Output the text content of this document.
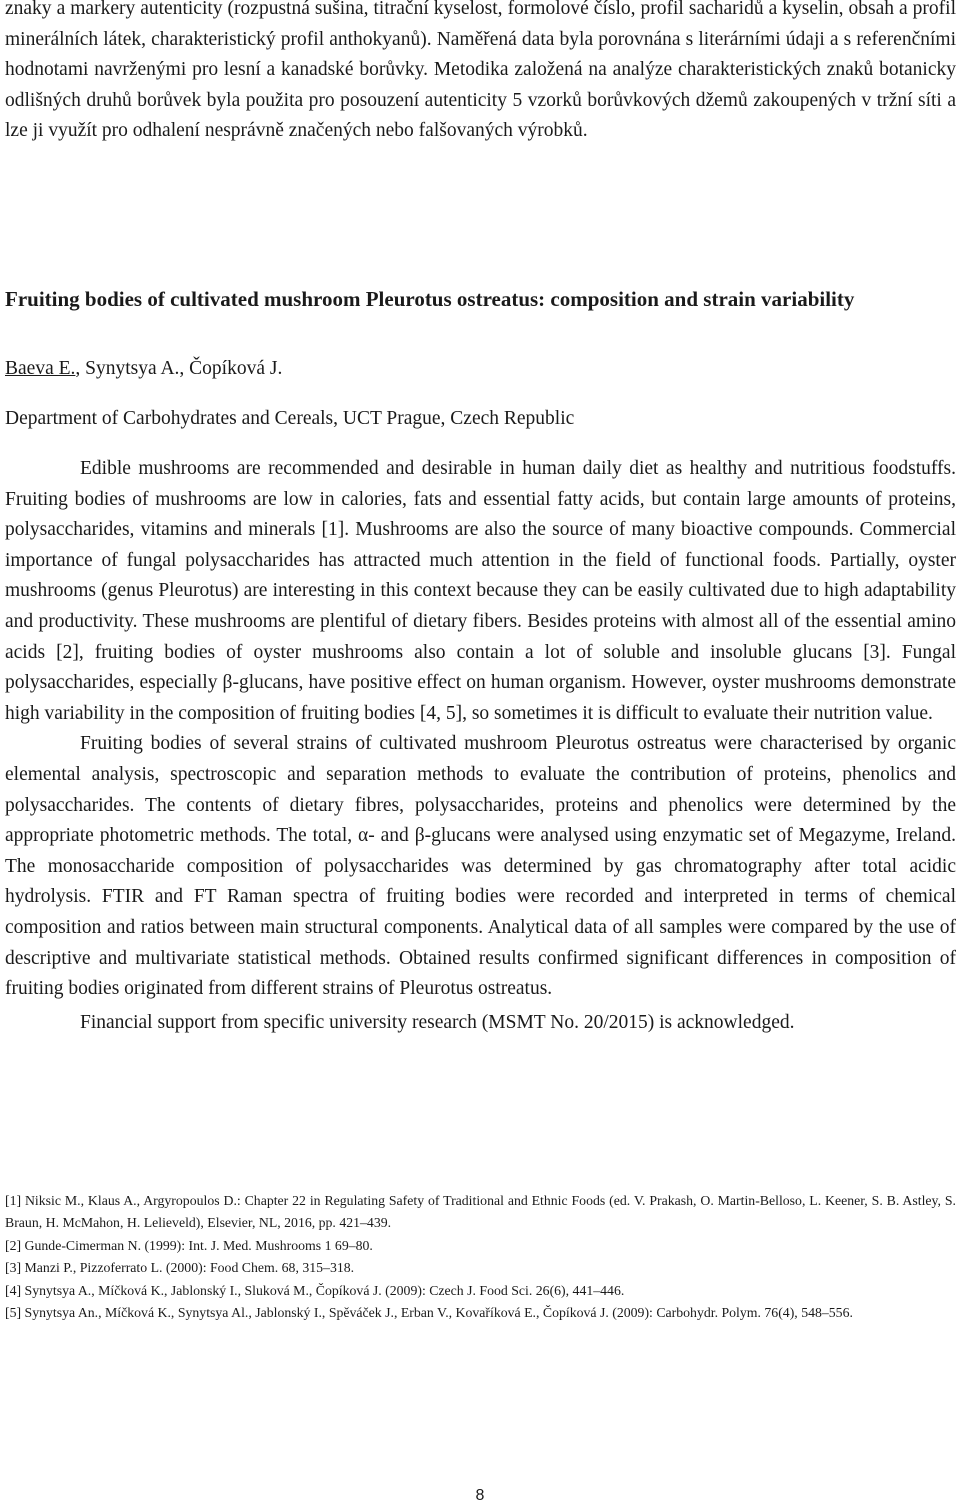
znaky a markery autenticity (rozpustná sušina, titrační kyselost, formolové číslo, profil sacharidů a kyselin, obsah a profil minerálních látek, charakteristický profil anthokyanů). Naměřená data byla porovnána s literárními údaji a s referenčními hodnotami navrženými pro lesní a kanadské borůvky. Metodika založená na analýze charakteristických znaků botanicky odlišných druhů borůvek byla použita pro posouzení autenticity 5 vzorků borůvkových džemů zakoupených v tržní síti a lze ji využít pro odhalení nesprávně značených nebo falšovaných výrobků.
Fruiting bodies of cultivated mushroom Pleurotus ostreatus: composition and strain variability
Baeva E., Synytsya A., Čopíková J.
Department of Carbohydrates and Cereals, UCT Prague, Czech Republic

Edible mushrooms are recommended and desirable in human daily diet as healthy and nutritious foodstuffs. Fruiting bodies of mushrooms are low in calories, fats and essential fatty acids, but contain large amounts of proteins, polysaccharides, vitamins and minerals [1]. Mushrooms are also the source of many bioactive compounds. Commercial importance of fungal polysaccharides has attracted much attention in the field of functional foods. Partially, oyster mushrooms (genus Pleurotus) are interesting in this context because they can be easily cultivated due to high adaptability and productivity. These mushrooms are plentiful of dietary fibers. Besides proteins with almost all of the essential amino acids [2], fruiting bodies of oyster mushrooms also contain a lot of soluble and insoluble glucans [3]. Fungal polysaccharides, especially β-glucans, have positive effect on human organism. However, oyster mushrooms demonstrate high variability in the composition of fruiting bodies [4, 5], so sometimes it is difficult to evaluate their nutrition value.

Fruiting bodies of several strains of cultivated mushroom Pleurotus ostreatus were characterised by organic elemental analysis, spectroscopic and separation methods to evaluate the contribution of proteins, phenolics and polysaccharides. The contents of dietary fibres, polysaccharides, proteins and phenolics were determined by the appropriate photometric methods. The total, α- and β-glucans were analysed using enzymatic set of Megazyme, Ireland. The monosaccharide composition of polysaccharides was determined by gas chromatography after total acidic hydrolysis. FTIR and FT Raman spectra of fruiting bodies were recorded and interpreted in terms of chemical composition and ratios between main structural components. Analytical data of all samples were compared by the use of descriptive and multivariate statistical methods. Obtained results confirmed significant differences in composition of fruiting bodies originated from different strains of Pleurotus ostreatus.

Financial support from specific university research (MSMT No. 20/2015) is acknowledged.

[1] Niksic M., Klaus A., Argyropoulos D.: Chapter 22 in Regulating Safety of Traditional and Ethnic Foods (ed. V. Prakash, O. Martin-Belloso, L. Keener, S. B. Astley, S. Braun, H. McMahon, H. Lelieveld), Elsevier, NL, 2016, pp. 421–439.
[2] Gunde-Cimerman N. (1999): Int. J. Med. Mushrooms 1 69–80.
[3] Manzi P., Pizzoferrato L. (2000): Food Chem. 68, 315–318.
[4] Synytsya A., Míčková K., Jablonský I., Sluková M., Čopíková J. (2009): Czech J. Food Sci. 26(6), 441–446.
[5] Synytsya An., Míčková K., Synytsya Al., Jablonský I., Spěváček J., Erban V., Kovaříková E., Čopíková J. (2009): Carbohydr. Polym. 76(4), 548–556.
8
